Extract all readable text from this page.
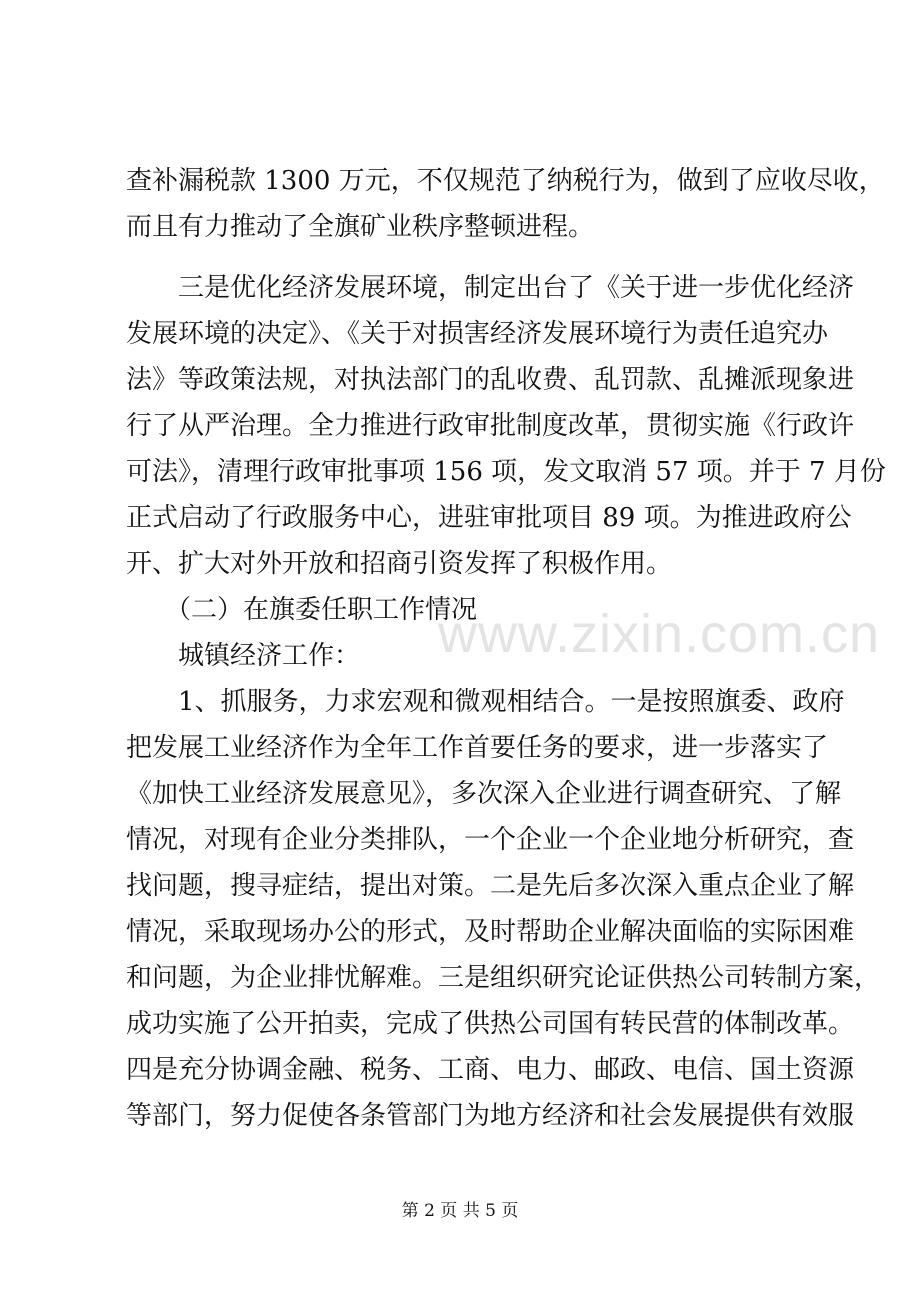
www.zixin.com.cn
查补漏税款 1300 万元，不仅规范了纳税行为，做到了应收尽收，
而且有力推动了全旗矿业秩序整顿进程。
三是优化经济发展环境，制定出台了《关于进一步优化经济
发展环境的决定》、《关于对损害经济发展环境行为责任追究办
法》等政策法规，对执法部门的乱收费、乱罚款、乱摊派现象进
行了从严治理。全力推进行政审批制度改革，贯彻实施《行政许
可法》，清理行政审批事项 156 项，发文取消 57 项。并于 7 月份
正式启动了行政服务中心，进驻审批项目 89 项。为推进政府公
开、扩大对外开放和招商引资发挥了积极作用。
（二）在旗委任职工作情况
城镇经济工作：
1、抓服务，力求宏观和微观相结合。一是按照旗委、政府
把发展工业经济作为全年工作首要任务的要求，进一步落实了
《加快工业经济发展意见》，多次深入企业进行调查研究、了解
情况，对现有企业分类排队，一个企业一个企业地分析研究，查
找问题，搜寻症结，提出对策。二是先后多次深入重点企业了解
情况，采取现场办公的形式，及时帮助企业解决面临的实际困难
和问题，为企业排忧解难。三是组织研究论证供热公司转制方案，
成功实施了公开拍卖，完成了供热公司国有转民营的体制改革。
四是充分协调金融、税务、工商、电力、邮政、电信、国土资源
等部门，努力促使各条管部门为地方经济和社会发展提供有效服
第 2 页 共 5 页
